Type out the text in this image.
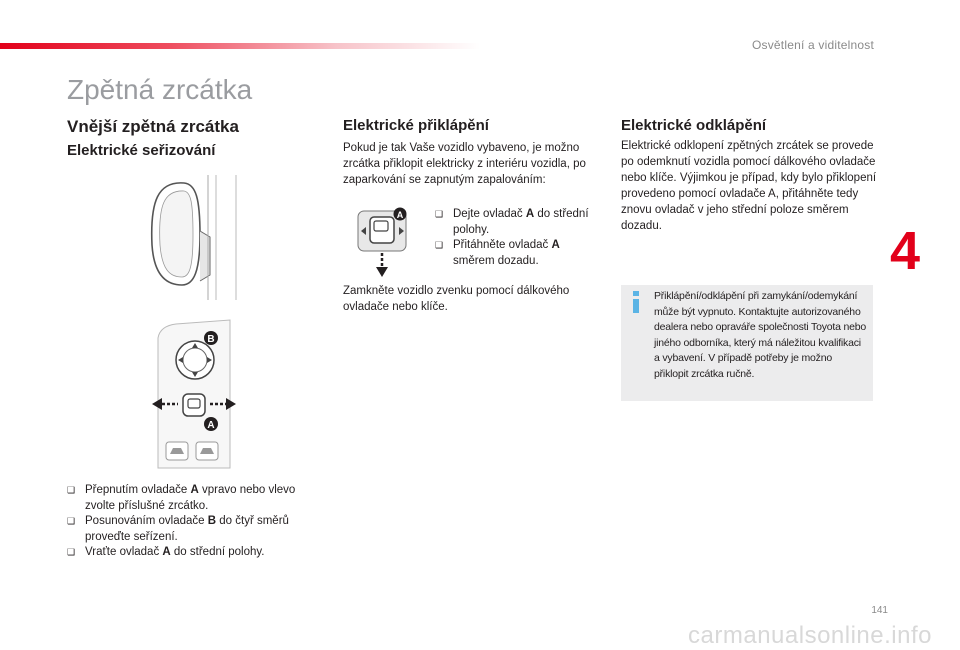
Osvětlení a viditelnost
Zpětná zrcátka
4
Vnější zpětná zrcátka
Elektrické seřizování
B
A
❑ Přepnutím ovladače A vpravo nebo vlevo zvolte příslušné zrcátko.
❑ Posunováním ovladače B do čtyř směrů proveďte seřízení.
❑ Vraťte ovladač A do střední polohy.
Elektrické přiklápění

Pokud je tak Vaše vozidlo vybaveno, je možno zrcátka přiklopit elektricky z interiéru vozidla, po zaparkování se zapnutým zapalováním:

A	❑ Dejte ovladač A do střední polohy.
❑ Přitáhněte ovladač A směrem dozadu.

Zamkněte vozidlo zvenku pomocí dálkového ovladače nebo klíče.

Elektrické odklápění

Elektrické odklopení zpětných zrcátek se provede po odemknutí vozidla pomocí dálkového ovladače nebo klíče. Výjimkou je případ, kdy bylo přiklopení provedeno pomocí ovladače A, přitáhněte tedy znovu ovladač v jeho střední poloze směrem dozadu.

Přiklápění/odklápění při zamykání/odemykání může být vypnuto. Kontaktujte autorizovaného dealera nebo opraváře společnosti Toyota nebo jiného odborníka, který má náležitou kvalifikaci a vybavení. V případě potřeby je možno přiklopit zrcátka ručně.

141
carmanualsonline.info
